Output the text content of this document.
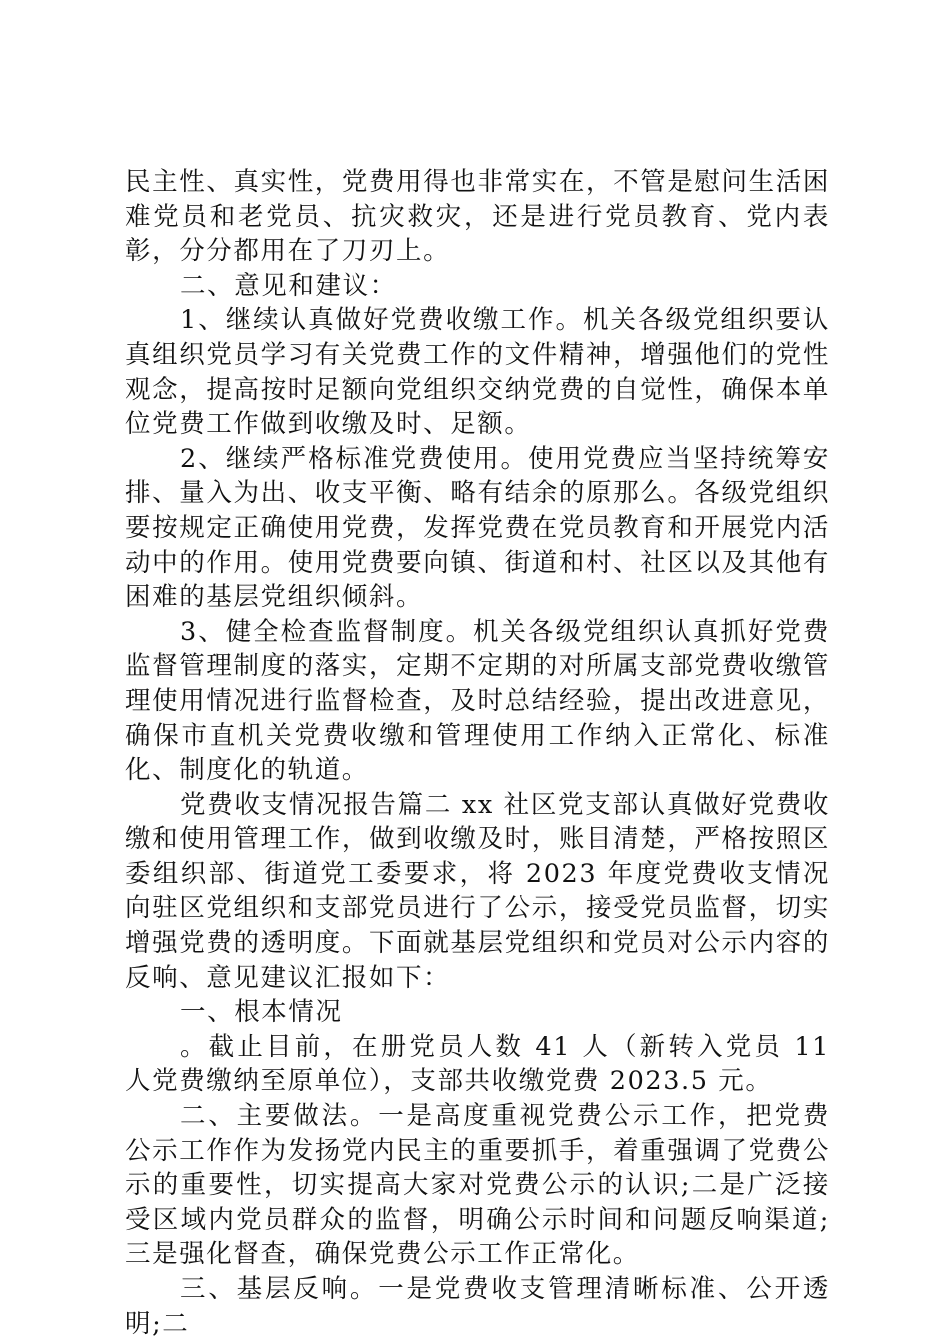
民主性、真实性，党费用得也非常实在，不管是慰问生活困难党员和老党员、抗灾救灾，还是进行党员教育、党内表彰，分分都用在了刀刃上。

二、意见和建议：

1、继续认真做好党费收缴工作。机关各级党组织要认真组织党员学习有关党费工作的文件精神，增强他们的党性观念，提高按时足额向党组织交纳党费的自觉性，确保本单位党费工作做到收缴及时、足额。

2、继续严格标准党费使用。使用党费应当坚持统筹安排、量入为出、收支平衡、略有结余的原那么。各级党组织要按规定正确使用党费，发挥党费在党员教育和开展党内活动中的作用。使用党费要向镇、街道和村、社区以及其他有困难的基层党组织倾斜。

3、健全检查监督制度。机关各级党组织认真抓好党费监督管理制度的落实，定期不定期的对所属支部党费收缴管理使用情况进行监督检查，及时总结经验，提出改进意见，确保市直机关党费收缴和管理使用工作纳入正常化、标准化、制度化的轨道。

党费收支情况报告篇二 xx 社区党支部认真做好党费收缴和使用管理工作，做到收缴及时，账目清楚，严格按照区委组织部、街道党工委要求，将 2023 年度党费收支情况向驻区党组织和支部党员进行了公示，接受党员监督，切实增强党费的透明度。下面就基层党组织和党员对公示内容的反响、意见建议汇报如下：

一、根本情况

。截止目前，在册党员人数 41 人（新转入党员 11 人党费缴纳至原单位），支部共收缴党费 2023.5 元。

二、主要做法。一是高度重视党费公示工作，把党费公示工作作为发扬党内民主的重要抓手，着重强调了党费公示的重要性，切实提高大家对党费公示的认识;二是广泛接受区域内党员群众的监督，明确公示时间和问题反响渠道;三是强化督查，确保党费公示工作正常化。

三、基层反响。一是党费收支管理清晰标准、公开透明;二
